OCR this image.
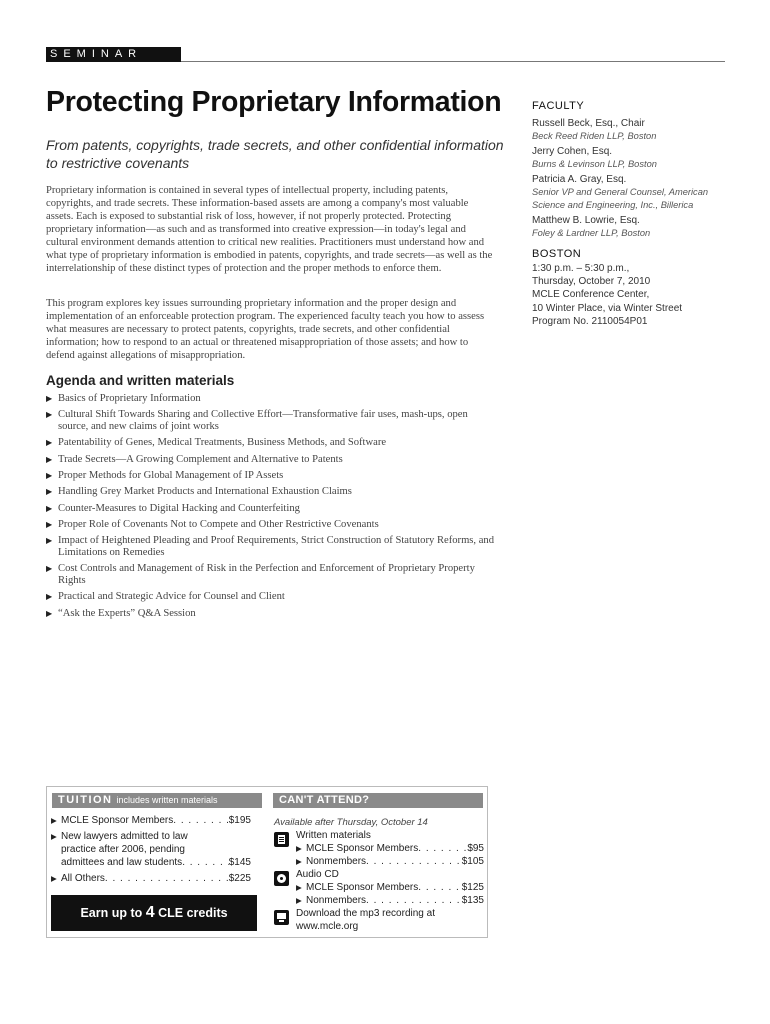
SEMINAR
Protecting Proprietary Information

From patents, copyrights, trade secrets, and other confidential information to restrictive covenants

Proprietary information is contained in several types of intellectual property, including patents, copyrights, and trade secrets. These information-based assets are among a company's most valuable assets. Each is exposed to substantial risk of loss, however, if not properly protected. Protecting proprietary information—as such and as transformed into creative expression—in today's legal and cultural environment demands attention to critical new realities. Practitioners must understand how and what type of proprietary information is embodied in patents, copyrights, and trade secrets—as well as the interrelationship of these distinct types of protection and the proper methods to enforce them.

This program explores key issues surrounding proprietary information and the proper design and implementation of an enforceable protection program. The experienced faculty teach you how to assess what measures are necessary to protect patents, copyrights, trade secrets, and other confidential information; how to respond to an actual or threatened misappropriation of those assets; and how to defend against allegations of misappropriation.

Agenda and written materials
▶ Basics of Proprietary Information
▶ Cultural Shift Towards Sharing and Collective Effort—Transformative fair uses, mash-ups, open source, and new claims of joint works
▶ Patentability of Genes, Medical Treatments, Business Methods, and Software
▶ Trade Secrets—A Growing Complement and Alternative to Patents
▶ Proper Methods for Global Management of IP Assets
▶ Handling Grey Market Products and International Exhaustion Claims
▶ Counter-Measures to Digital Hacking and Counterfeiting
▶ Proper Role of Covenants Not to Compete and Other Restrictive Covenants
▶ Impact of Heightened Pleading and Proof Requirements, Strict Construction of Statutory Reforms, and Limitations on Remedies
▶ Cost Controls and Management of Risk in the Perfection and Enforcement of Proprietary Property Rights
▶ Practical and Strategic Advice for Counsel and Client
▶ “Ask the Experts” Q&A Session
FACULTY
Russell Beck, Esq., Chair
Beck Reed Riden LLP, Boston
Jerry Cohen, Esq.
Burns & Levinson LLP, Boston
Patricia A. Gray, Esq.
Senior VP and General Counsel, American Science and Engineering, Inc., Billerica
Matthew B. Lowrie, Esq.
Foley & Lardner LLP, Boston
BOSTON
1:30 p.m. – 5:30 p.m.,
Thursday, October 7, 2010
MCLE Conference Center,
10 Winter Place, via Winter Street
Program No. 2110054P01
TUITION includes written materials
▶ MCLE Sponsor Members . . .	$195
▶ New lawyers admitted to law
practice after 2006, pending
admittees and law students . . .	$145
▶ All Others . . .	$225
Earn up to 4 CLE credits
CAN'T ATTEND?
Available after Thursday, October 14
Written materials
▶ MCLE Sponsor Members . . .	$95
▶ Nonmembers . . .	$105
Audio CD
▶ MCLE Sponsor Members . . .	$125
▶ Nonmembers . . .	$135
Download the mp3 recording at
www.mcle.org
